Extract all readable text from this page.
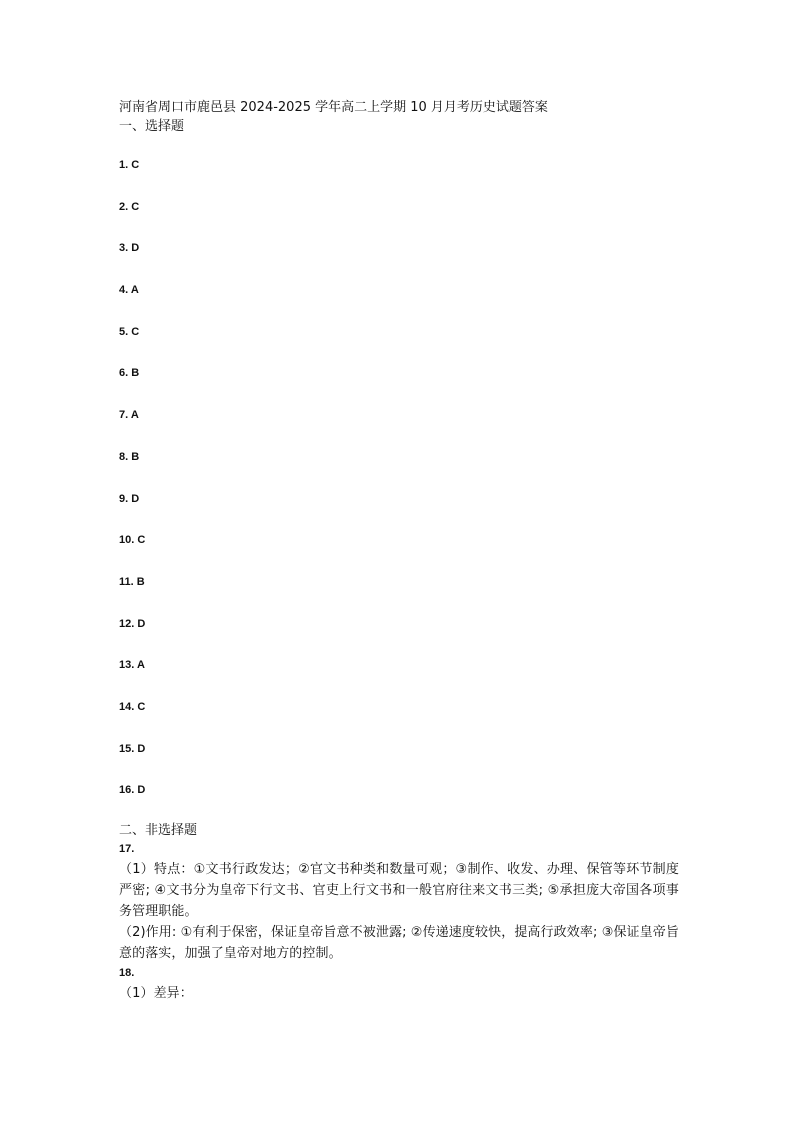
河南省周口市鹿邑县 2024-2025 学年高二上学期 10 月月考历史试题答案

一、选择题

1. C
2. C
3. D
4. A
5. C
6. B
7. A
8. B
9. D
10. C
11. B
12. D
13. A
14. C
15. D
16. D

二、非选择题

17.

（1）特点：①文书行政发达；②官文书种类和数量可观；③制作、收发、办理、保管等环节制度严密; ④文书分为皇帝下行文书、官吏上行文书和一般官府往来文书三类; ⑤承担庞大帝国各项事务管理职能。

（2)作用: ①有利于保密，保证皇帝旨意不被泄露; ②传递速度较快，提高行政效率; ③保证皇帝旨意的落实，加强了皇帝对地方的控制。

18.

（1）差异：
